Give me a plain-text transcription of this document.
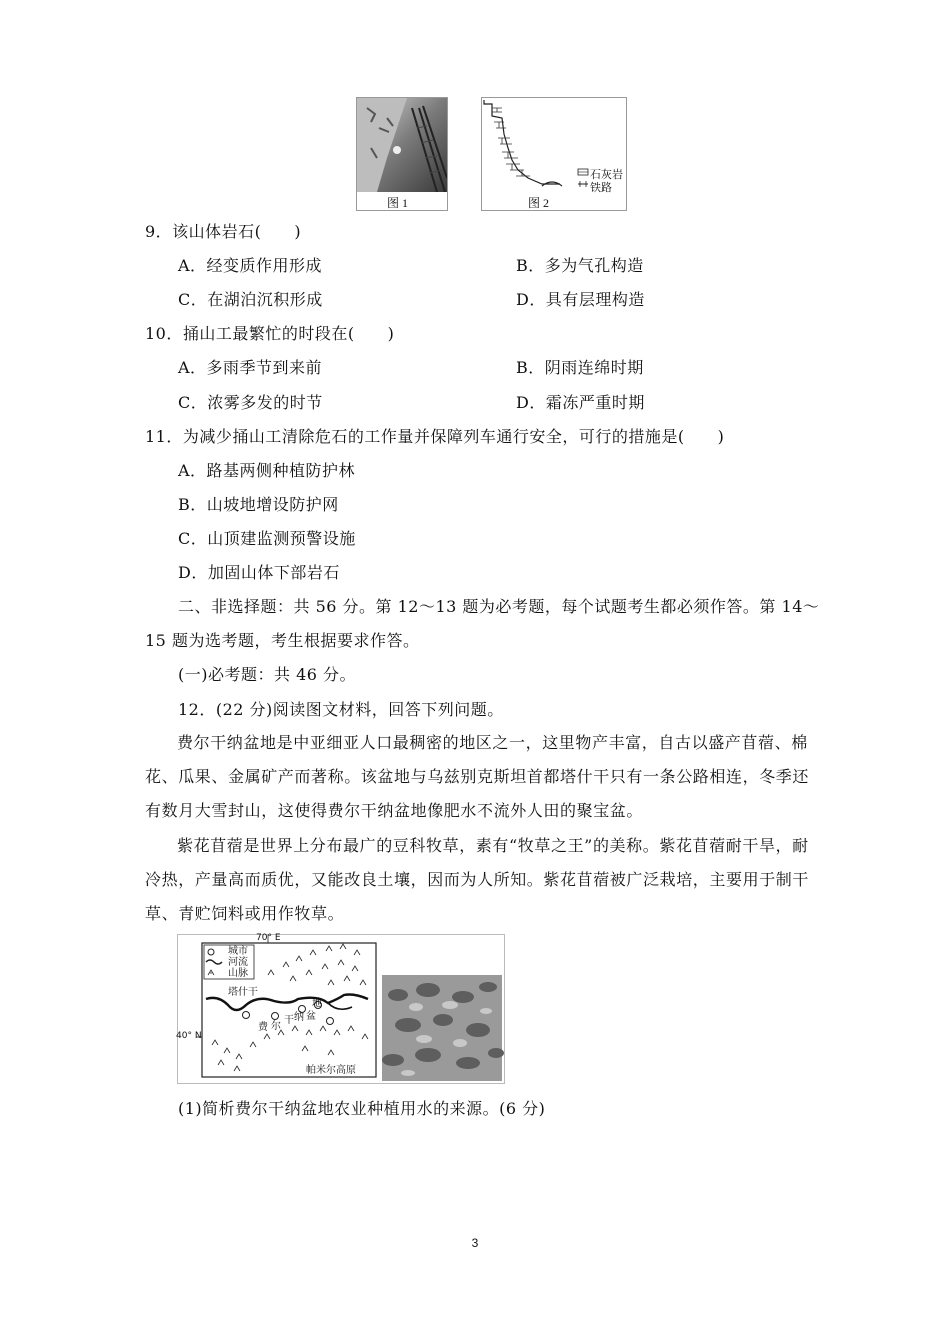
图 1
石灰岩
铁路
图 2
9．该山体岩石(　　)
A．经变质作用形成	B．多为气孔构造
C．在湖泊沉积形成	D．具有层理构造
10．捅山工最繁忙的时段在(　　)
A．多雨季节到来前	B．阴雨连绵时期
C．浓雾多发的时节	D．霜冻严重时期
11．为减少捅山工清除危石的工作量并保障列车通行安全，可行的措施是(　　)
A．路基两侧种植防护林
B．山坡地增设防护网
C．山顶建监测预警设施
D．加固山体下部岩石
二、非选择题：共 56 分。第 12～13 题为必考题，每个试题考生都必须作答。第 14～
15 题为选考题，考生根据要求作答。
(一)必考题：共 46 分。
12．(22 分)阅读图文材料，回答下列问题。
费尔干纳盆地是中亚细亚人口最稠密的地区之一，这里物产丰富，自古以盛产苜蓿、棉花、瓜果、金属矿产而著称。该盆地与乌兹别克斯坦首都塔什干只有一条公路相连，冬季还有数月大雪封山，这使得费尔干纳盆地像肥水不流外人田的聚宝盆。
紫花苜蓿是世界上分布最广的豆科牧草，素有“牧草之王”的美称。紫花苜蓿耐干旱，耐冷热，产量高而质优，又能改良土壤，因而为人所知。紫花苜蓿被广泛栽培，主要用于制干草、青贮饲料或用作牧草。
70° E
40° N
城市
河流
山脉
塔什干
费 尔
干 纳 盆
地
帕米尔高原
(1)简析费尔干纳盆地农业种植用水的来源。(6 分)
3
